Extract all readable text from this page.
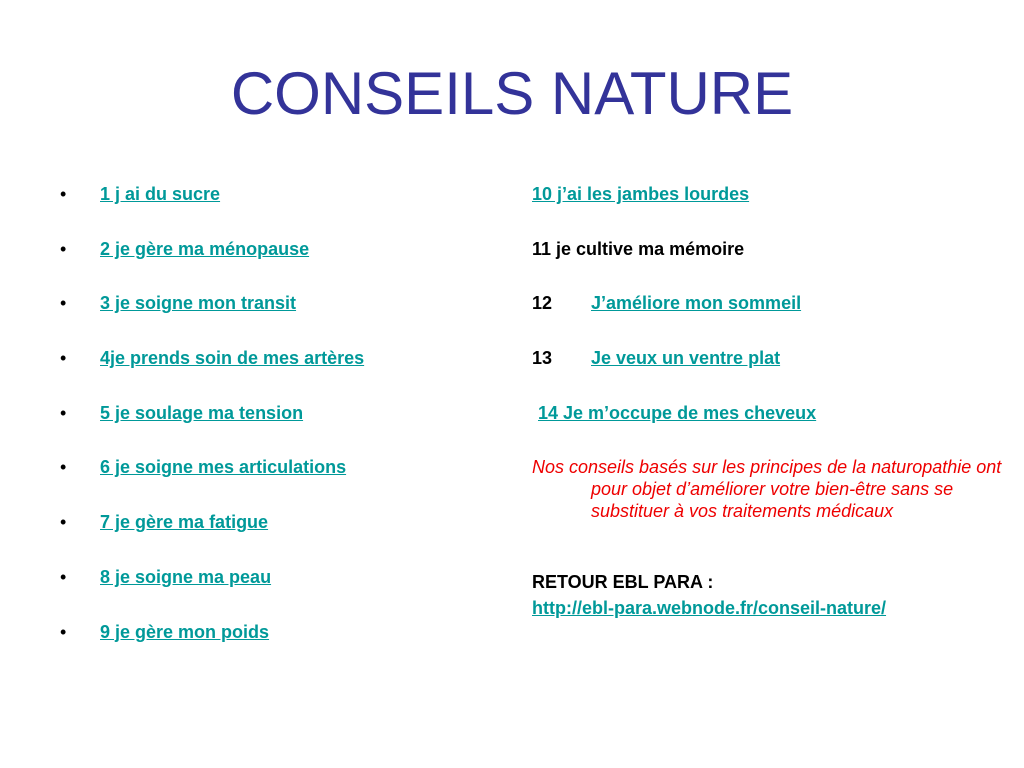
CONSEILS NATURE
•	1 j ai du sucre
•	2 je gère ma ménopause
•	3 je soigne mon transit
•	4je prends soin de mes artères
•	5 je soulage ma tension
•	6 je soigne mes articulations
•	7 je gère ma fatigue
•	8 je soigne ma peau
•	9 je gère mon poids
10 j’ai les jambes lourdes
11 je cultive ma mémoire
12 J’améliore mon sommeil
13 Je veux un ventre plat
14 Je m’occupe de mes cheveux
Nos conseils basés sur les principes de la naturopathie ont pour objet d’améliorer votre bien-être sans se substituer à vos traitements médicaux
RETOUR EBL PARA :
http://ebl-para.webnode.fr/conseil-nature/
